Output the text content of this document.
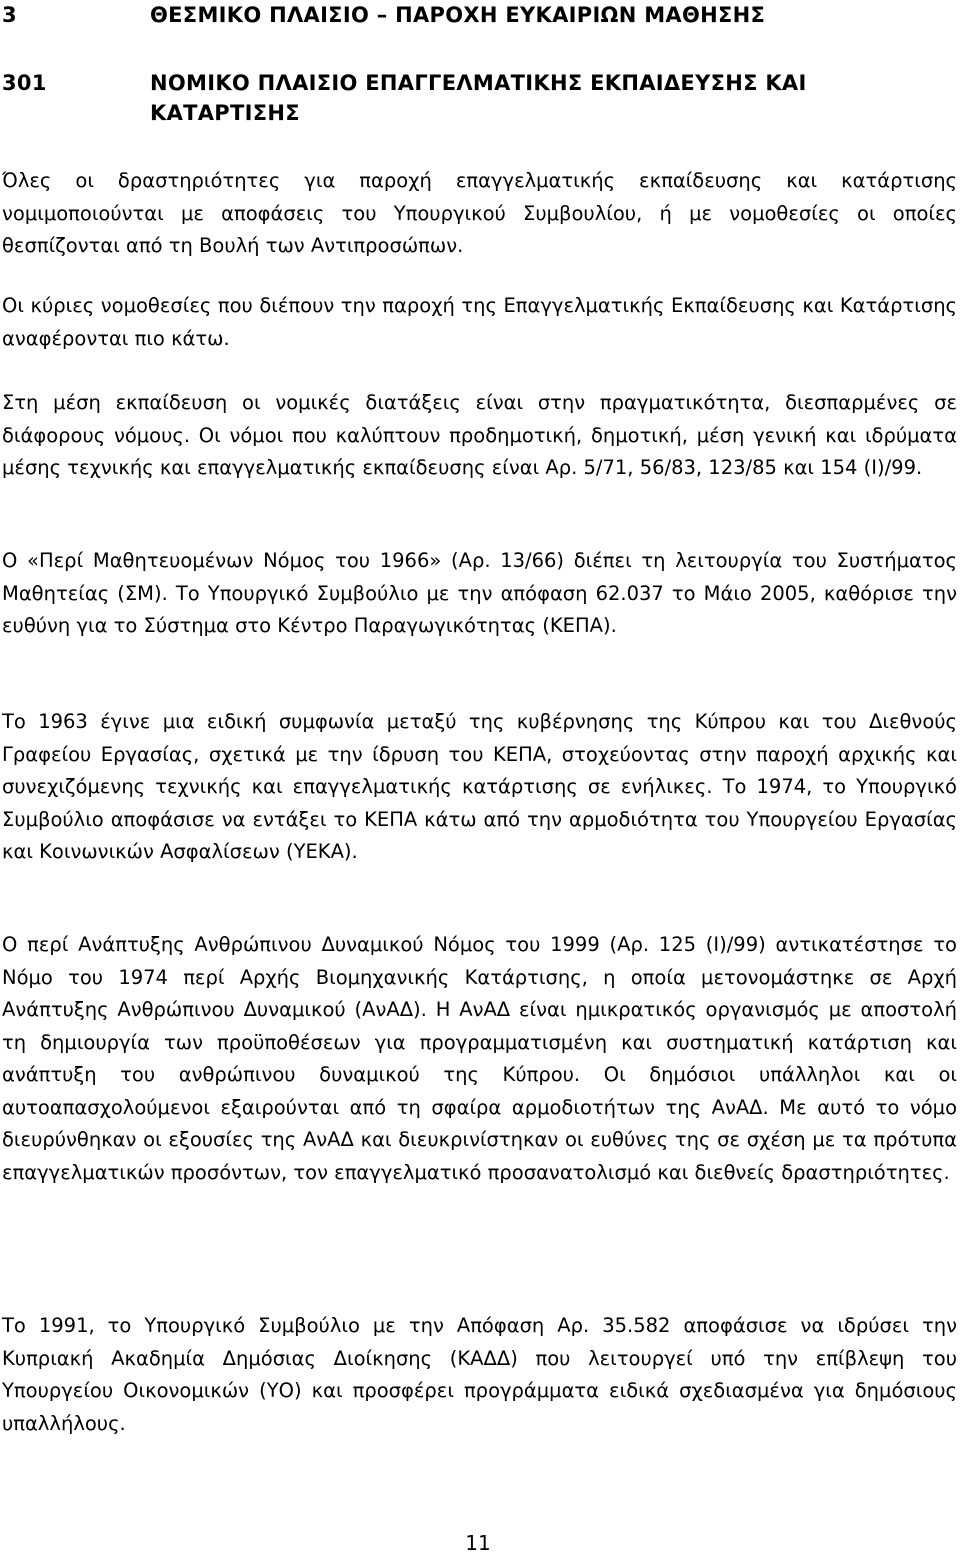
3	ΘΕΣΜΙΚΟ ΠΛΑΙΣΙΟ – ΠΑΡΟΧΗ ΕΥΚΑΙΡΙΩΝ ΜΑΘΗΣΗΣ
301	ΝΟΜΙΚΟ ΠΛΑΙΣΙΟ ΕΠΑΓΓΕΛΜΑΤΙΚΗΣ ΕΚΠΑΙΔΕΥΣΗΣ ΚΑΙ
ΚΑΤΑΡΤΙΣΗΣ

Όλες οι δραστηριότητες για παροχή επαγγελματικής εκπαίδευσης και κατάρτισης νομιμοποιούνται με αποφάσεις του Υπουργικού Συμβουλίου, ή με νομοθεσίες οι οποίες θεσπίζονται από τη Βουλή των Αντιπροσώπων.

Οι κύριες νομοθεσίες που διέπουν την παροχή της Επαγγελματικής Εκπαίδευσης και Κατάρτισης αναφέρονται πιο κάτω.

Στη μέση εκπαίδευση οι νομικές διατάξεις είναι στην πραγματικότητα, διεσπαρμένες σε διάφορους νόμους. Οι νόμοι που καλύπτουν προδημοτική, δημοτική, μέση γενική και ιδρύματα μέσης τεχνικής και επαγγελματικής εκπαίδευσης είναι Αρ. 5/71, 56/83, 123/85 και 154 (Ι)/99.

Ο «Περί Μαθητευομένων Νόμος του 1966» (Αρ. 13/66) διέπει τη λειτουργία του Συστήματος Μαθητείας (ΣΜ). Το Υπουργικό Συμβούλιο με την απόφαση 62.037 το Μάιο 2005, καθόρισε την ευθύνη για το Σύστημα στο Κέντρο Παραγωγικότητας (ΚΕΠΑ).

Το 1963 έγινε μια ειδική συμφωνία μεταξύ της κυβέρνησης της Κύπρου και του Διεθνούς Γραφείου Εργασίας, σχετικά με την ίδρυση του ΚΕΠΑ, στοχεύοντας στην παροχή αρχικής και συνεχιζόμενης τεχνικής και επαγγελματικής κατάρτισης σε ενήλικες. Το 1974, το Υπουργικό Συμβούλιο αποφάσισε να εντάξει το ΚΕΠΑ κάτω από την αρμοδιότητα του Υπουργείου Εργασίας και Κοινωνικών Ασφαλίσεων (ΥΕΚΑ).

Ο περί Ανάπτυξης Ανθρώπινου Δυναμικού Νόμος του 1999 (Αρ. 125 (Ι)/99) αντικατέστησε το Νόμο του 1974 περί Αρχής Βιομηχανικής Κατάρτισης, η οποία μετονομάστηκε σε Αρχή Ανάπτυξης Ανθρώπινου Δυναμικού (ΑνΑΔ). Η ΑνΑΔ είναι ημικρατικός οργανισμός με αποστολή τη δημιουργία των προϋποθέσεων για προγραμματισμένη και συστηματική κατάρτιση και ανάπτυξη του ανθρώπινου δυναμικού της Κύπρου. Οι δημόσιοι υπάλληλοι και οι αυτοαπασχολούμενοι εξαιρούνται από τη σφαίρα αρμοδιοτήτων της ΑνΑΔ. Με αυτό το νόμο διευρύνθηκαν οι εξουσίες της ΑνΑΔ και διευκρινίστηκαν οι ευθύνες της σε σχέση με τα πρότυπα επαγγελματικών προσόντων, τον επαγγελματικό προσανατολισμό και διεθνείς δραστηριότητες.

Το 1991, το Υπουργικό Συμβούλιο με την Απόφαση Αρ. 35.582 αποφάσισε να ιδρύσει την Κυπριακή Ακαδημία Δημόσιας Διοίκησης (ΚΑΔΔ) που λειτουργεί υπό την επίβλεψη του Υπουργείου Οικονομικών (ΥΟ) και προσφέρει προγράμματα ειδικά σχεδιασμένα για δημόσιους υπαλλήλους.

11
